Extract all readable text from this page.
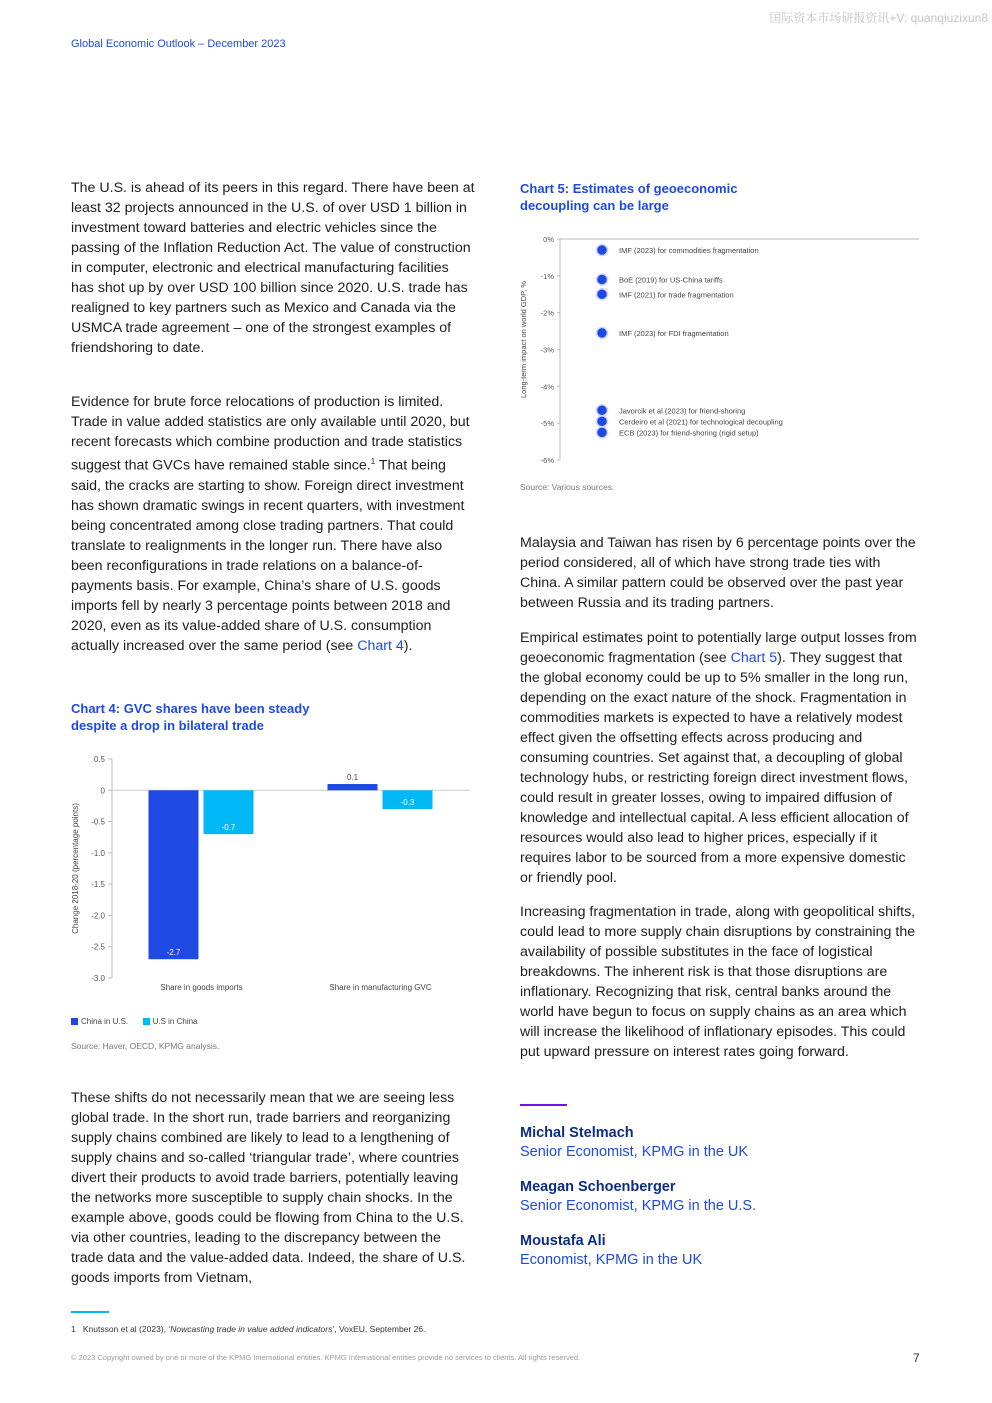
国际资本市场研报资讯+V: quanqiuzixun8
Global Economic Outlook – December 2023

The U.S. is ahead of its peers in this regard. There have been at least 32 projects announced in the U.S. of over USD 1 billion in investment toward batteries and electric vehicles since the passing of the Inflation Reduction Act. The value of construction in computer, electronic and electrical manufacturing facilities has shot up by over USD 100 billion since 2020. U.S. trade has realigned to key partners such as Mexico and Canada via the USMCA trade agreement – one of the strongest examples of friendshoring to date.

Evidence for brute force relocations of production is limited. Trade in value added statistics are only available until 2020, but recent forecasts which combine production and trade statistics suggest that GVCs have remained stable since.$^1$ That being said, the cracks are starting to show. Foreign direct investment has shown dramatic swings in recent quarters, with investment being concentrated among close trading partners. That could translate to realignments in the longer run. There have also been reconfigurations in trade relations on a balance-of-payments basis. For example, China’s share of U.S. goods imports fell by nearly 3 percentage points between 2018 and 2020, even as its value-added share of U.S. consumption actually increased over the same period (see Chart 4).

Chart 4: GVC shares have been steady
despite a drop in bilateral trade
0.5
0
-0.5
-1.0
-1.5
-2.0
-2.5
-3.0
Share in goods imports
-2.7
-0.7
Share in manufacturing GVC
0.1
-0.3
Change 2018-20 (percentage points)
China in U.S.
	U.S in China
Source: Haver, OECD, KPMG analysis.

These shifts do not necessarily mean that we are seeing less global trade. In the short run, trade barriers and reorganizing supply chains combined are likely to lead to a lengthening of supply chains and so-called ‘triangular trade’, where countries divert their products to avoid trade barriers, potentially leaving the networks more susceptible to supply chain shocks. In the example above, goods could be flowing from China to the U.S. via other countries, leading to the discrepancy between the trade data and the value-added data. Indeed, the share of U.S. goods imports from Vietnam,

Chart 5: Estimates of geoeconomic
decoupling can be large
0%
-1%
-2%
-3%
-4%
-5%
-6%
IMF (2023) for commodities fragmentation
BoE (2019) for US-China tariffs
IMF (2021) for trade fragmentation
IMF (2023) for FDI fragmentation
Javorcik et al (2023) for friend-shoring
Cerdeiro et al (2021) for technological decoupling
ECB (2023) for friend-shoring (rigid setup)
Long-term impact on world GDP, %
Source: Various sources.

Malaysia and Taiwan has risen by 6 percentage points over the period considered, all of which have strong trade ties with China. A similar pattern could be observed over the past year between Russia and its trading partners.

Empirical estimates point to potentially large output losses from geoeconomic fragmentation (see Chart 5). They suggest that the global economy could be up to 5% smaller in the long run, depending on the exact nature of the shock. Fragmentation in commodities markets is expected to have a relatively modest effect given the offsetting effects across producing and consuming countries. Set against that, a decoupling of global technology hubs, or restricting foreign direct investment flows, could result in greater losses, owing to impaired diffusion of knowledge and intellectual capital. A less efficient allocation of resources would also lead to higher prices, especially if it requires labor to be sourced from a more expensive domestic or friendly pool.

Increasing fragmentation in trade, along with geopolitical shifts, could lead to more supply chain disruptions by constraining the availability of possible substitutes in the face of logistical breakdowns. The inherent risk is that those disruptions are inflationary. Recognizing that risk, central banks around the world have begun to focus on supply chains as an area which will increase the likelihood of inflationary episodes. This could put upward pressure on interest rates going forward.

Michal Stelmach
Senior Economist, KPMG in the UK
Meagan Schoenberger
Senior Economist, KPMG in the U.S.
Moustafa Ali
Economist, KPMG in the UK
1 Knutsson et al (2023), ‘Nowcasting trade in value added indicators’, VoxEU, September 26.
© 2023 Copyright owned by one or more of the KPMG International entities. KPMG International entities provide no services to clients. All rights reserved.	7
